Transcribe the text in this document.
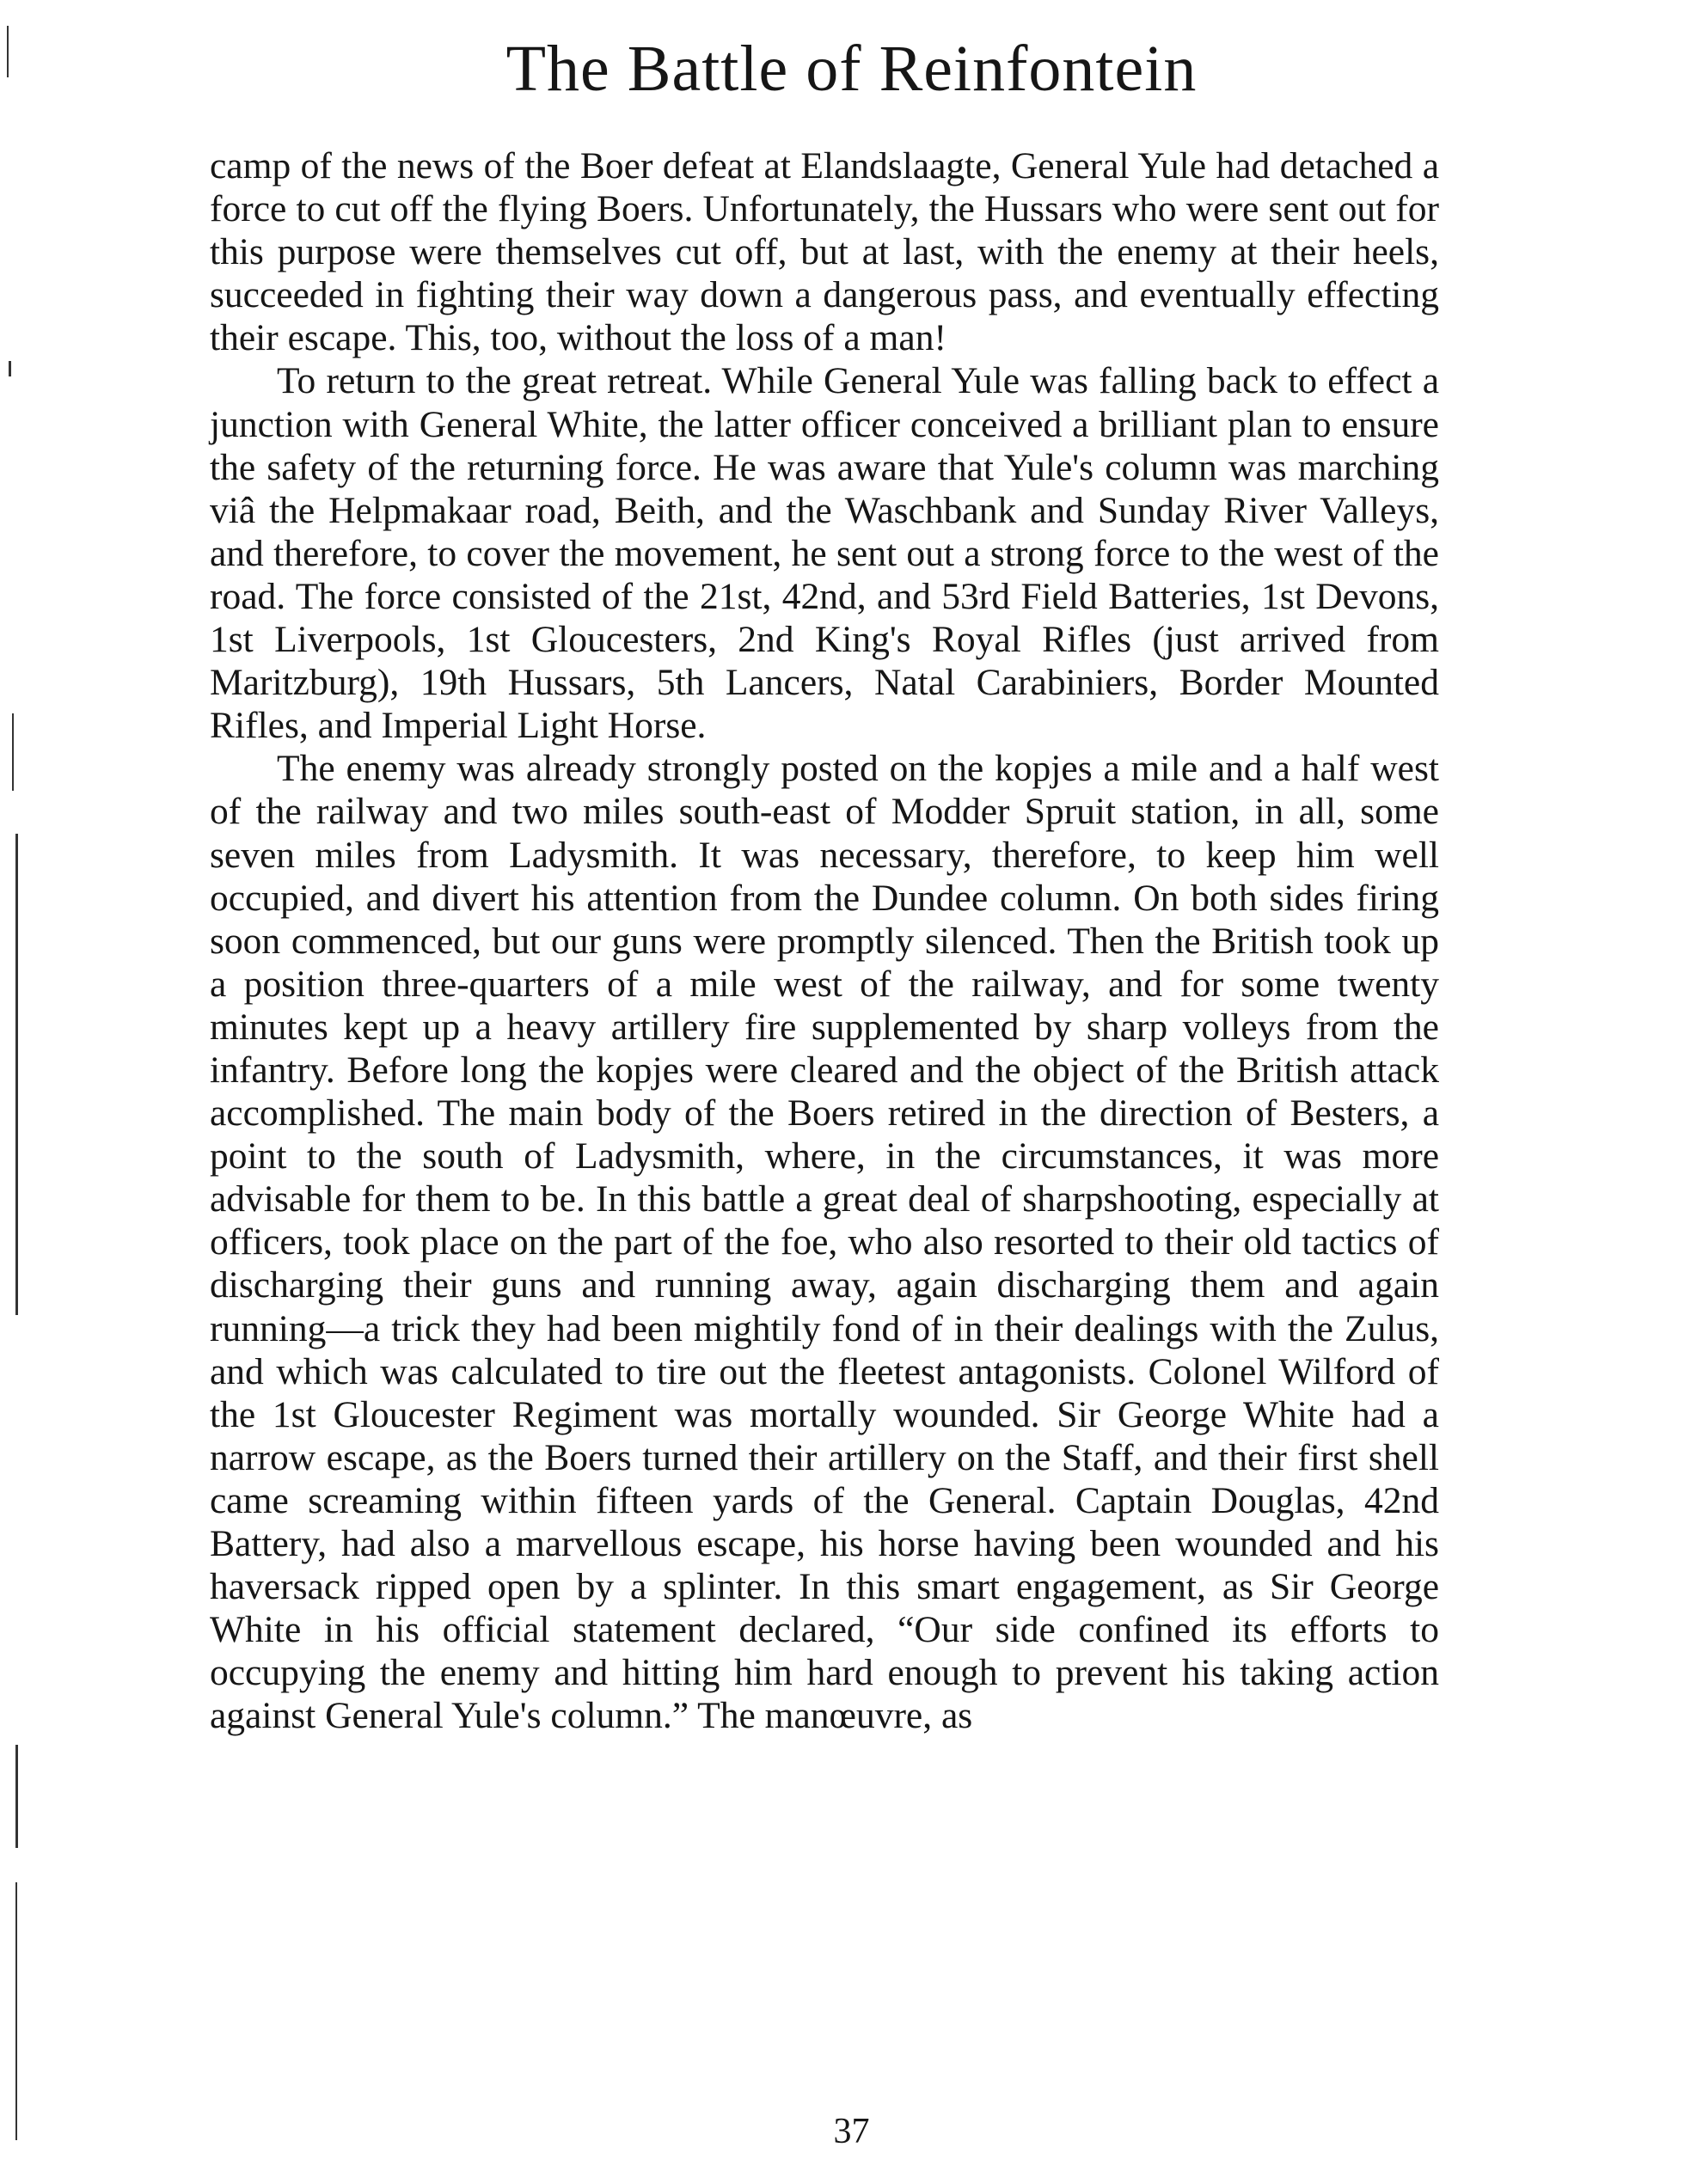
The Battle of Reinfontein

camp of the news of the Boer defeat at Elandslaagte, General Yule had detached a force to cut off the flying Boers. Unfortunately, the Hussars who were sent out for this purpose were themselves cut off, but at last, with the enemy at their heels, succeeded in fighting their way down a dangerous pass, and eventually effecting their escape. This, too, without the loss of a man!

To return to the great retreat. While General Yule was falling back to effect a junction with General White, the latter officer conceived a brilliant plan to ensure the safety of the returning force. He was aware that Yule's column was marching viâ the Helpmakaar road, Beith, and the Waschbank and Sunday River Valleys, and therefore, to cover the movement, he sent out a strong force to the west of the road. The force consisted of the 21st, 42nd, and 53rd Field Batteries, 1st Devons, 1st Liverpools, 1st Gloucesters, 2nd King's Royal Rifles (just arrived from Maritzburg), 19th Hussars, 5th Lancers, Natal Carabiniers, Border Mounted Rifles, and Imperial Light Horse.

The enemy was already strongly posted on the kopjes a mile and a half west of the railway and two miles south-east of Modder Spruit station, in all, some seven miles from Ladysmith. It was necessary, therefore, to keep him well occupied, and divert his attention from the Dundee column. On both sides firing soon commenced, but our guns were promptly silenced. Then the British took up a position three-quarters of a mile west of the railway, and for some twenty minutes kept up a heavy artillery fire supplemented by sharp volleys from the infantry. Before long the kopjes were cleared and the object of the British attack accomplished. The main body of the Boers retired in the direction of Besters, a point to the south of Ladysmith, where, in the circumstances, it was more advisable for them to be. In this battle a great deal of sharpshooting, especially at officers, took place on the part of the foe, who also resorted to their old tactics of discharging their guns and running away, again discharging them and again running—a trick they had been mightily fond of in their dealings with the Zulus, and which was calculated to tire out the fleetest antagonists. Colonel Wilford of the 1st Gloucester Regiment was mortally wounded. Sir George White had a narrow escape, as the Boers turned their artillery on the Staff, and their first shell came screaming within fifteen yards of the General. Captain Douglas, 42nd Battery, had also a marvellous escape, his horse having been wounded and his haversack ripped open by a splinter. In this smart engagement, as Sir George White in his official statement declared, “Our side confined its efforts to occupying the enemy and hitting him hard enough to prevent his taking action against General Yule's column.” The manœuvre, as

37
